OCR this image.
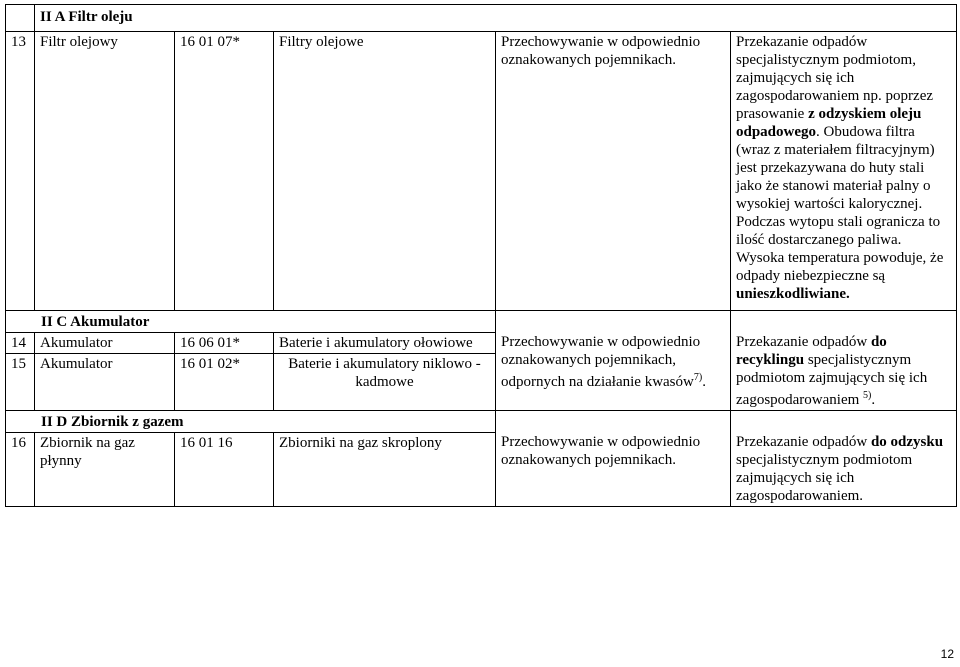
	II A Filtr oleju				
13	Filtr olejowy	16 01 07*	Filtry olejowe	Przechowywanie w odpowiednio oznakowanych pojemnikach.	Przekazanie odpadów specjalistycznym podmiotom, zajmujących się ich zagospodarowaniem np. poprzez prasowanie z odzyskiem oleju odpadowego. Obudowa filtra (wraz z materiałem filtracyjnym) jest przekazywana do huty stali jako że stanowi materiał palny o wysokiej wartości kalorycznej. Podczas wytopu stali ogranicza to ilość dostarczanego paliwa. Wysoka temperatura powoduje, że odpady niebezpieczne są unieszkodliwiane.
II C Akumulator					
14	Akumulator	16 06 01*	Baterie i akumulatory ołowiowe	Przechowywanie w odpowiednio oznakowanych pojemnikach, odpornych na działanie kwasów$^{7)}$.	Przekazanie odpadów do recyklingu specjalistycznym podmiotom zajmujących się ich zagospodarowaniem $^{5)}$.
15	Akumulator	16 01 02*	Baterie i akumulatory niklowo - kadmowe		
II D Zbiornik z gazem					
16	Zbiornik na gaz płynny	16 01 16	Zbiorniki na gaz skroplony	Przechowywanie w odpowiednio oznakowanych pojemnikach.	Przekazanie odpadów do odzysku specjalistycznym podmiotom zajmujących się ich zagospodarowaniem.
12
